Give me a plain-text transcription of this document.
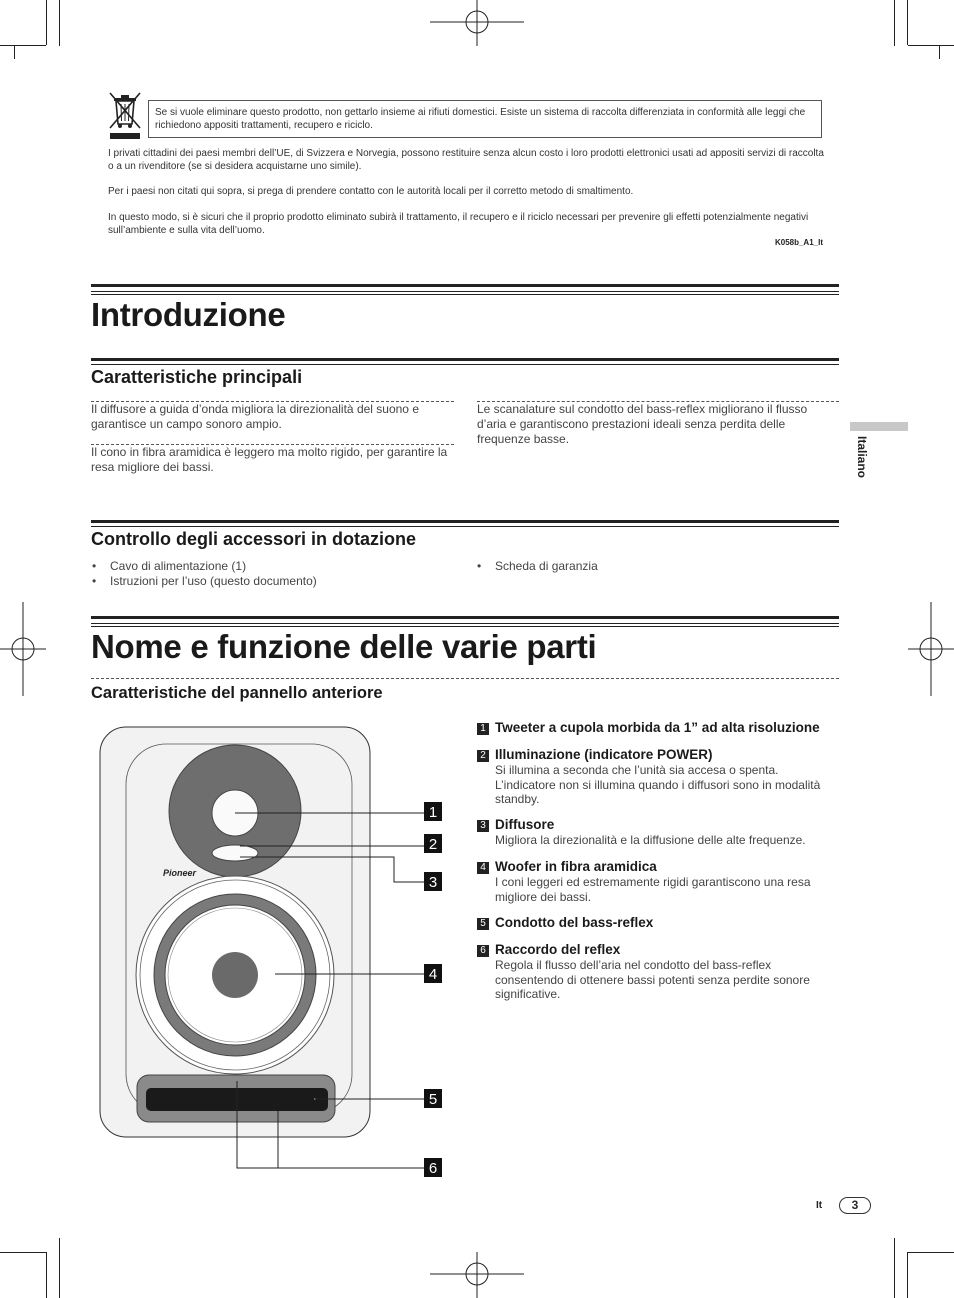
Se si vuole eliminare questo prodotto, non gettarlo insieme ai rifiuti domestici. Esiste un sistema di raccolta differenziata in conformità alle leggi che richiedono appositi trattamenti, recupero e riciclo.
I privati cittadini dei paesi membri dell’UE, di Svizzera e Norvegia, possono restituire senza alcun costo i loro prodotti elettronici usati ad appositi servizi di raccolta o a un rivenditore (se si desidera acquistarne uno simile).
Per i paesi non citati qui sopra, si prega di prendere contatto con le autorità locali per il corretto metodo di smaltimento.
In questo modo, si è sicuri che il proprio prodotto eliminato subirà il trattamento, il recupero e il riciclo necessari per prevenire gli effetti potenzialmente negativi sull’ambiente e sulla vita dell’uomo.
K058b_A1_It
Introduzione
Caratteristiche principali
Il diffusore a guida d’onda migliora la direzionalità del suono e garantisce un campo sonoro ampio.
Il cono in fibra aramidica è leggero ma molto rigido, per garantire la resa migliore dei bassi.
Le scanalature sul condotto del bass-reflex migliorano il flusso d’aria e garantiscono prestazioni ideali senza perdita delle frequenze basse.
Controllo degli accessori in dotazione
• Cavo di alimentazione (1)
• Istruzioni per l’uso (questo documento)
• Scheda di garanzia
Italiano
Nome e funzione delle varie parti
Caratteristiche del pannello anteriore
Pioneer
1
2
3
4
5
6
1 Tweeter a cupola morbida da 1” ad alta risoluzione
2 Illuminazione (indicatore POWER)
Si illumina a seconda che l’unità sia accesa o spenta. L’indicatore non si illumina quando i diffusori sono in modalità standby.
3 Diffusore
Migliora la direzionalità e la diffusione delle alte frequenze.
4 Woofer in fibra aramidica
I coni leggeri ed estremamente rigidi garantiscono una resa migliore dei bassi.
5 Condotto del bass-reflex
6 Raccordo del reflex
Regola il flusso dell’aria nel condotto del bass-reflex consentendo di ottenere bassi potenti senza perdite sonore significative.
It	3
